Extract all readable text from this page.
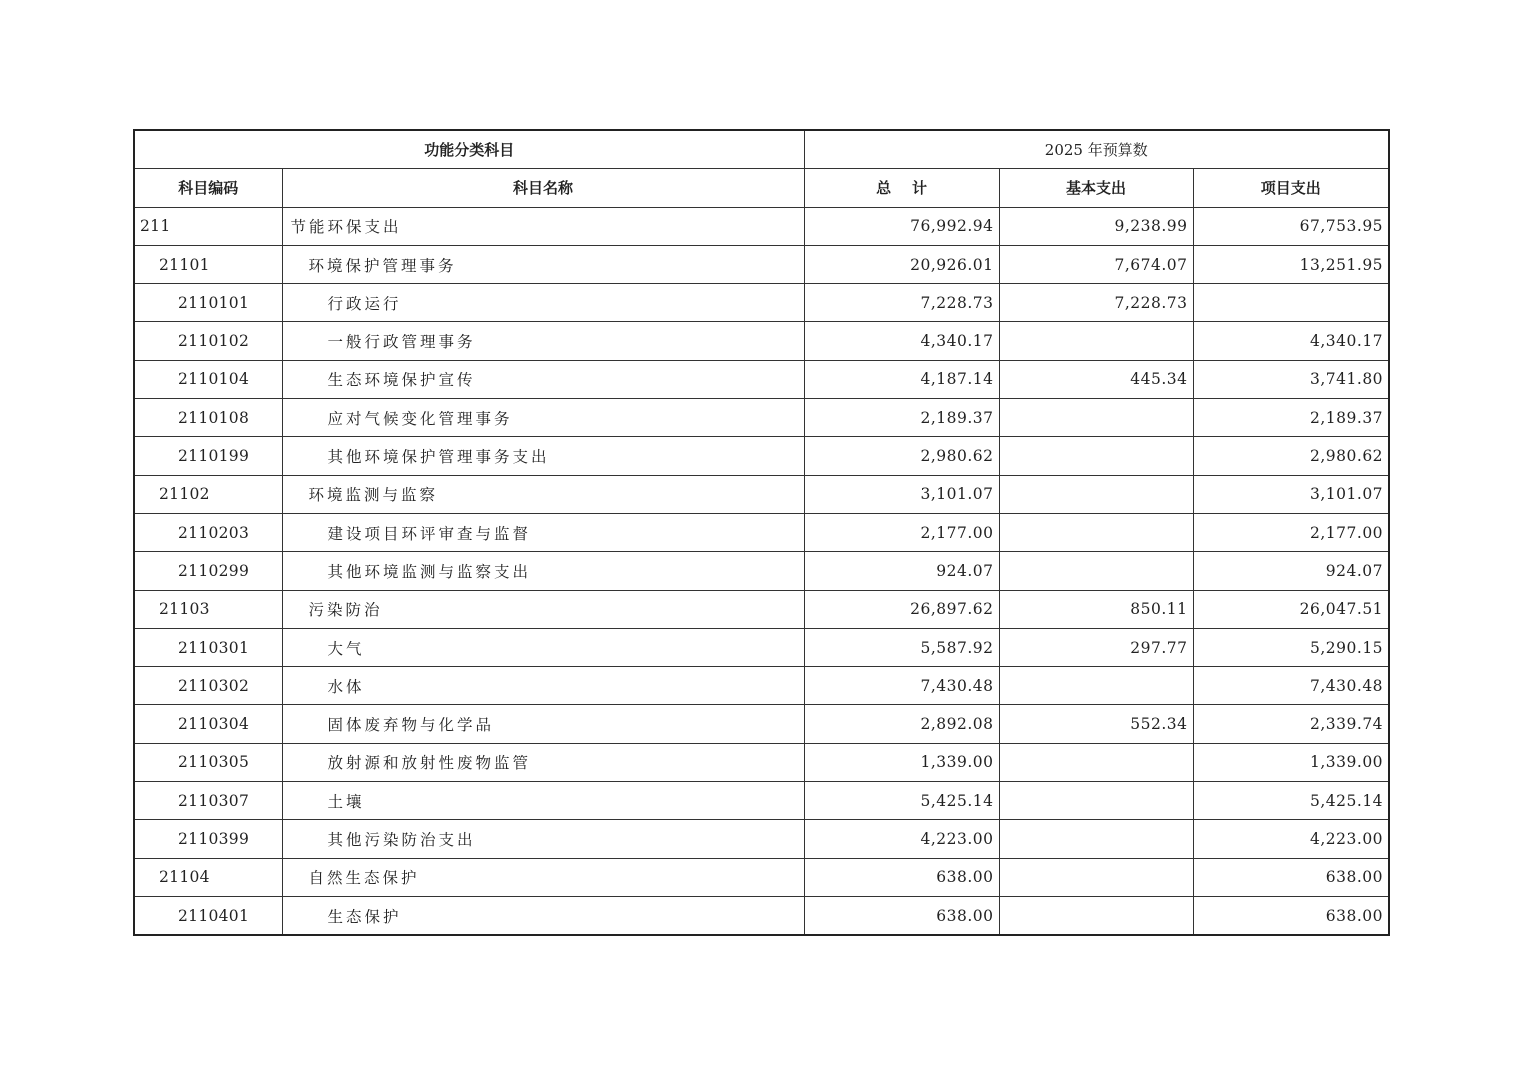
功能分类科目		2025 年预算数		
科目编码	科目名称	总    计	基本支出	项目支出
211	节能环保支出	76,992.94	9,238.99	67,753.95
21101	环境保护管理事务	20,926.01	7,674.07	13,251.95
2110101	行政运行	7,228.73	7,228.73	
2110102	一般行政管理事务	4,340.17		4,340.17
2110104	生态环境保护宣传	4,187.14	445.34	3,741.80
2110108	应对气候变化管理事务	2,189.37		2,189.37
2110199	其他环境保护管理事务支出	2,980.62		2,980.62
21102	环境监测与监察	3,101.07		3,101.07
2110203	建设项目环评审查与监督	2,177.00		2,177.00
2110299	其他环境监测与监察支出	924.07		924.07
21103	污染防治	26,897.62	850.11	26,047.51
2110301	大气	5,587.92	297.77	5,290.15
2110302	水体	7,430.48		7,430.48
2110304	固体废弃物与化学品	2,892.08	552.34	2,339.74
2110305	放射源和放射性废物监管	1,339.00		1,339.00
2110307	土壤	5,425.14		5,425.14
2110399	其他污染防治支出	4,223.00		4,223.00
21104	自然生态保护	638.00		638.00
2110401	生态保护	638.00		638.00
